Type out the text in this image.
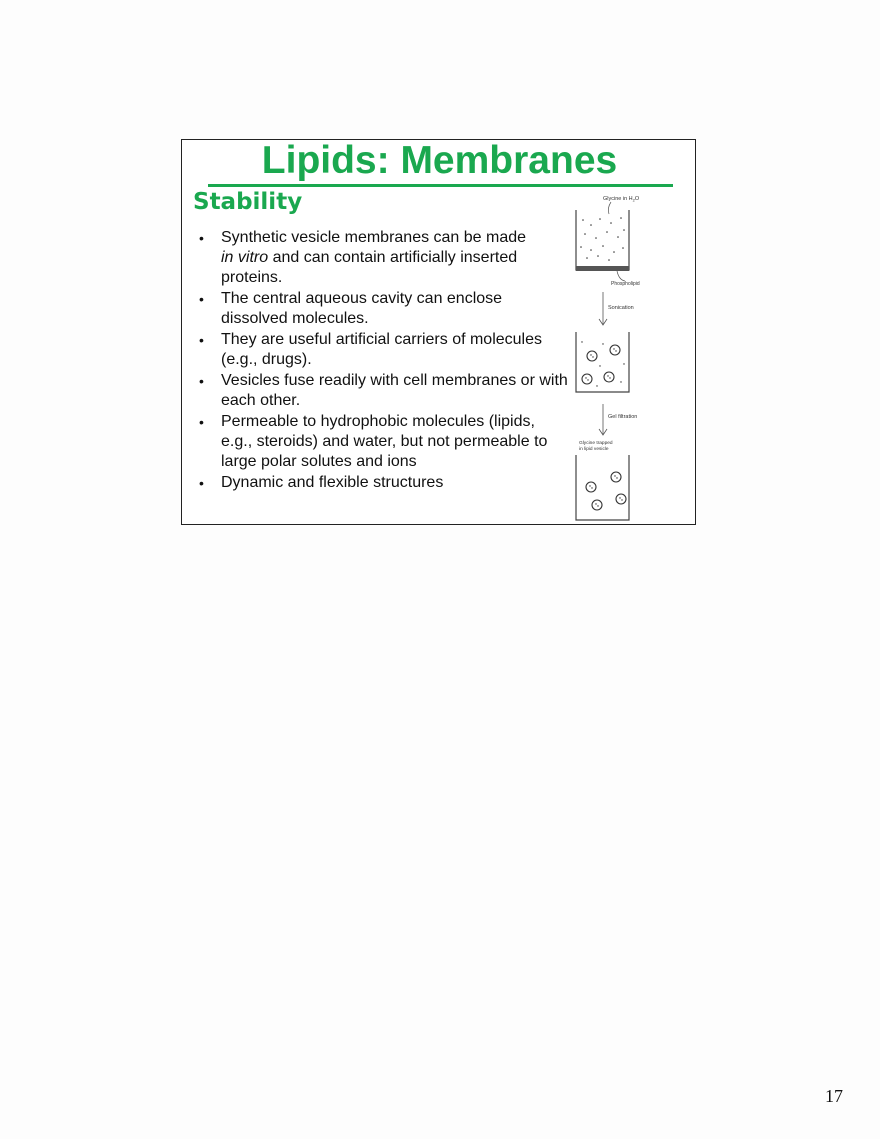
Lipids: Membranes
Stability
• Synthetic vesicle membranes can be made
in vitro and can contain artificially inserted proteins.
• The central aqueous cavity can enclose dissolved molecules.
• They are useful artificial carriers of molecules (e.g., drugs).
• Vesicles fuse readily with cell membranes or with each other.
• Permeable to hydrophobic molecules (lipids, e.g., steroids) and water, but not permeable to large polar solutes and ions
• Dynamic and flexible structures
Glycine in $H_2O$
Phospholipid
Sonication
Gel filtration
Glycine trapped
in lipid vesicle
17
